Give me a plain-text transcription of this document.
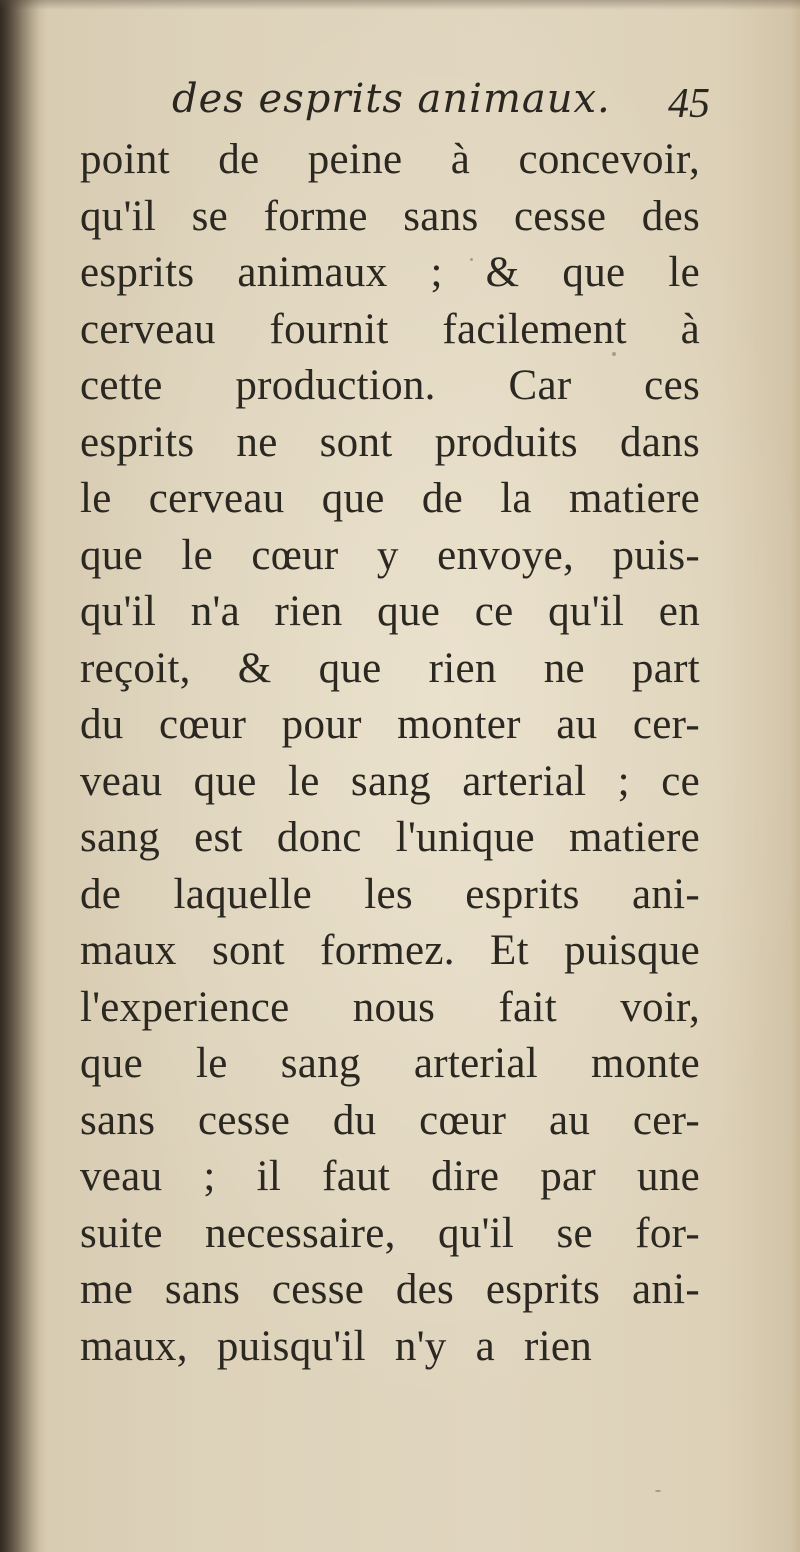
des esprits animaux. 45
point de peine à concevoir,
qu'il se forme sans cesse des
esprits animaux ; & que le
cerveau fournit facilement à
cette production. Car ces
esprits ne sont produits dans
le cerveau que de la matiere
que le cœur y envoye, puis-
qu'il n'a rien que ce qu'il en
reçoit, & que rien ne part
du cœur pour monter au cer-
veau que le sang arterial ; ce
sang est donc l'unique matiere
de laquelle les esprits ani-
maux sont formez. Et puisque
l'experience nous fait voir,
que le sang arterial monte
sans cesse du cœur au cer-
veau ; il faut dire par une
suite necessaire, qu'il se for-
me sans cesse des esprits ani-
maux, puisqu'il n'y a rien
